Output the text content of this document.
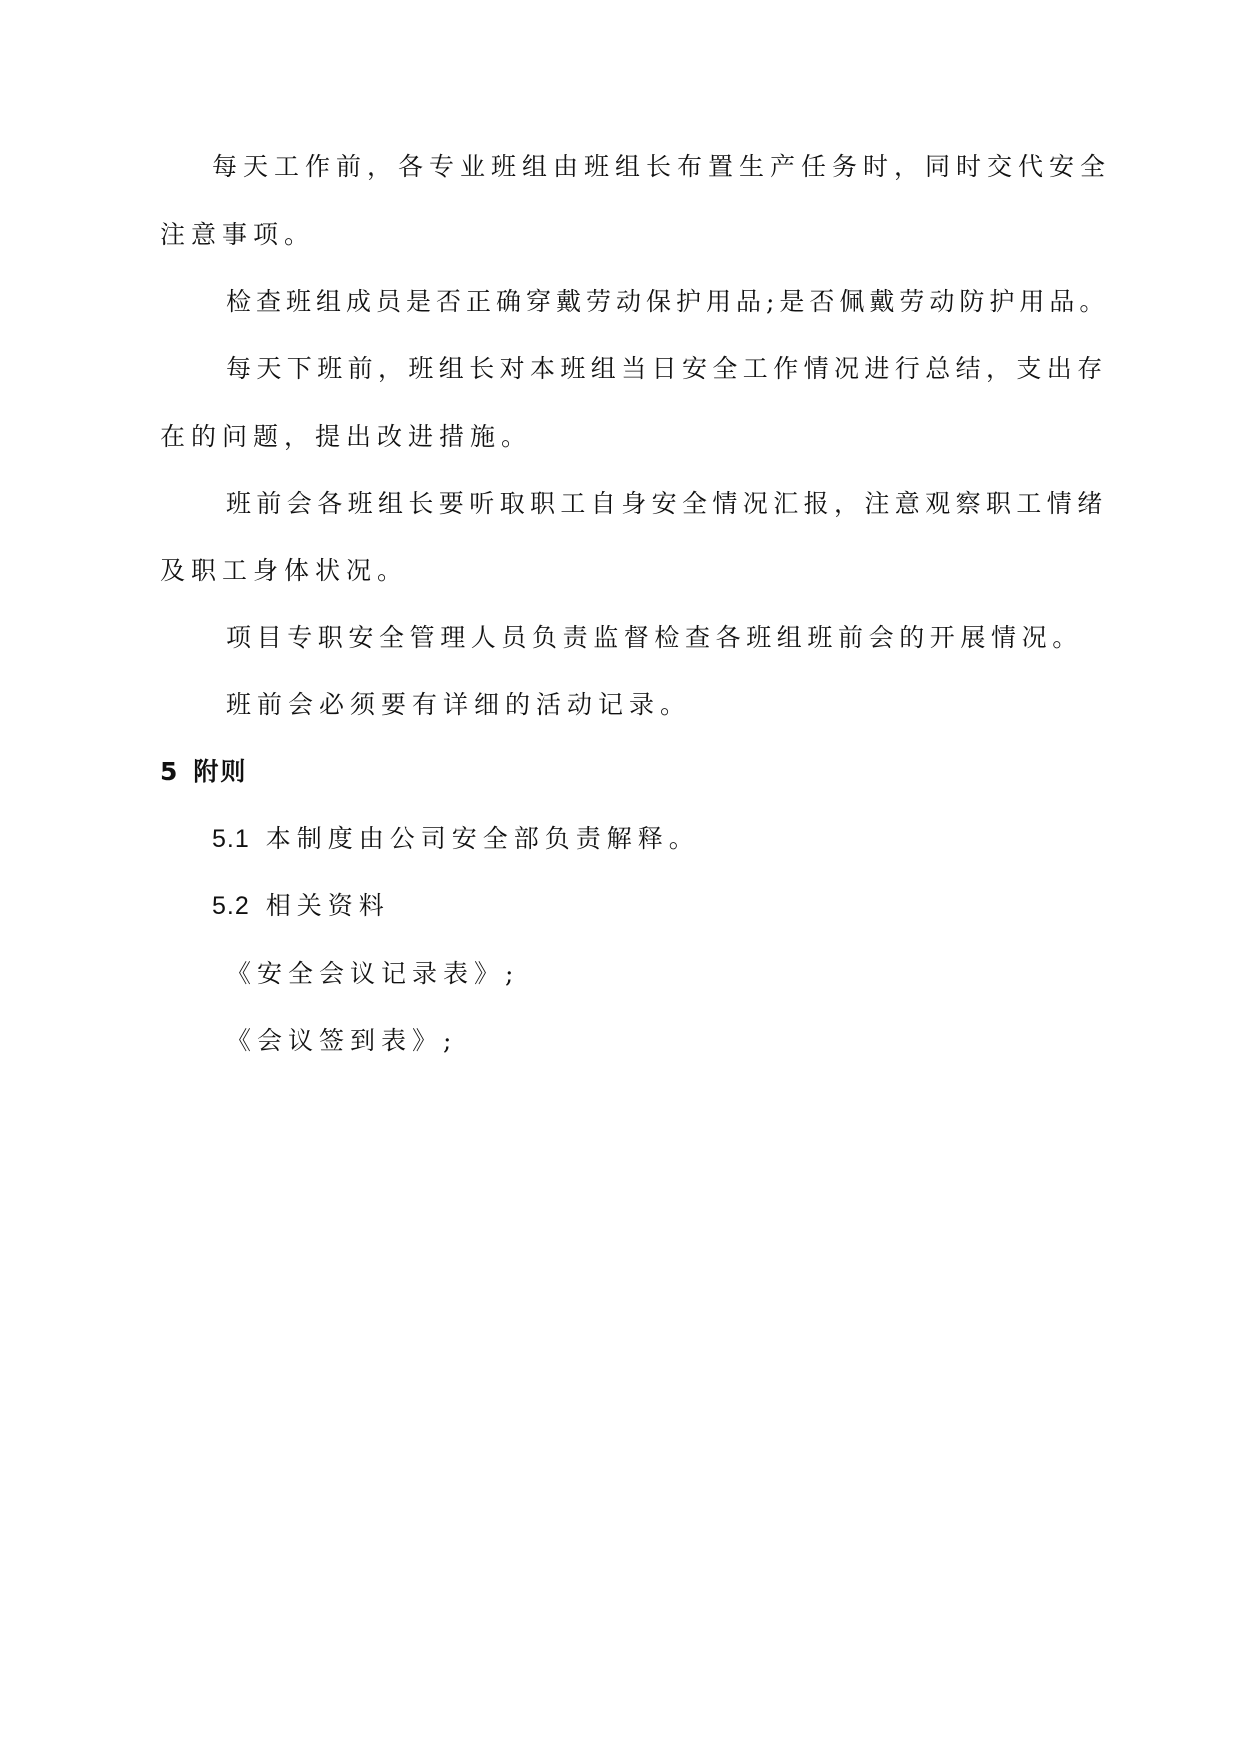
每天工作前，各专业班组由班组长布置生产任务时，同时交代安全
注意事项。
检查班组成员是否正确穿戴劳动保护用品;是否佩戴劳动防护用品。
每天下班前，班组长对本班组当日安全工作情况进行总结，支出存
在的问题，提出改进措施。
班前会各班组长要听取职工自身安全情况汇报，注意观察职工情绪
及职工身体状况。
项目专职安全管理人员负责监督检查各班组班前会的开展情况。
班前会必须要有详细的活动记录。
5 附则
5.1 本制度由公司安全部负责解释。
5.2 相关资料
《安全会议记录表》;
《会议签到表》;
